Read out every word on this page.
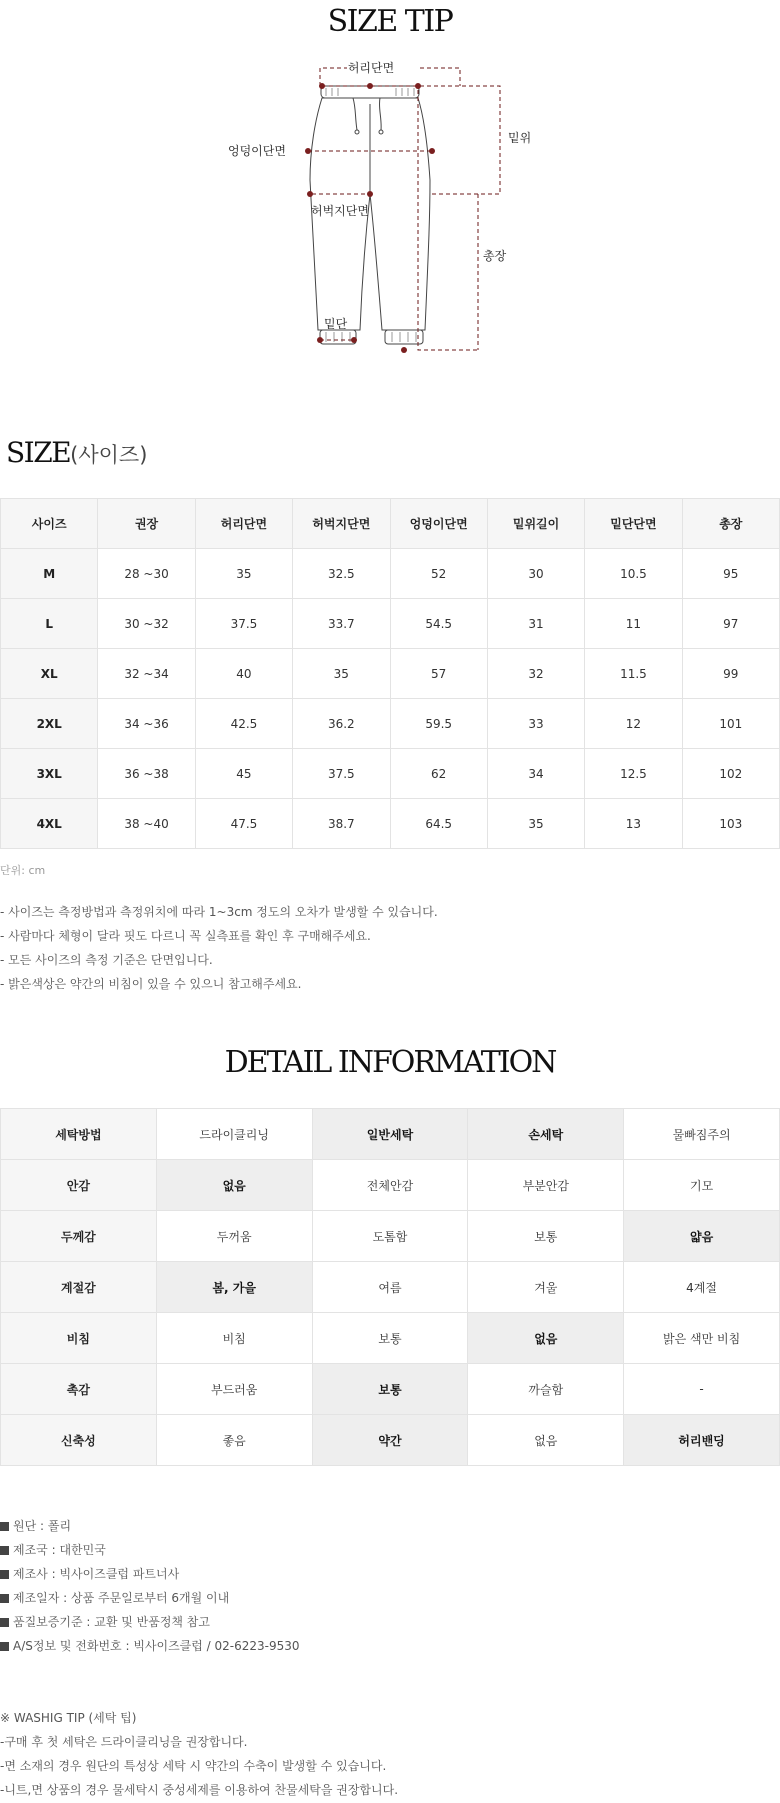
SIZE TIP
허리단면
엉덩이단면
밑위
허벅지단면
총장
밑단
SIZE(사이즈)
사이즈	권장	허리단면	허벅지단면	엉덩이단면	밑위길이	밑단단면	총장
M	28 ~30	35	32.5	52	30	10.5	95
L	30 ~32	37.5	33.7	54.5	31	11	97
XL	32 ~34	40	35	57	32	11.5	99
2XL	34 ~36	42.5	36.2	59.5	33	12	101
3XL	36 ~38	45	37.5	62	34	12.5	102
4XL	38 ~40	47.5	38.7	64.5	35	13	103
단위: cm
- 사이즈는 측정방법과 측정위치에 따라 1~3cm 정도의 오차가 발생할 수 있습니다.
- 사람마다 체형이 달라 핏도 다르니 꼭 실측표를 확인 후 구매해주세요.
- 모든 사이즈의 측정 기준은 단면입니다.
- 밝은색상은 약간의 비침이 있을 수 있으니 참고해주세요.
DETAIL INFORMATION
세탁방법	드라이클리닝	일반세탁	손세탁	물빠짐주의
안감	없음	전체안감	부분안감	기모
두께감	두꺼움	도톰함	보통	얇음
계절감	봄, 가을	여름	겨울	4계절
비침	비침	보통	없음	밝은 색만 비침
촉감	부드러움	보통	까슬함	-
신축성	좋음	약간	없음	허리밴딩
원단 : 폴리
제조국 : 대한민국
제조사 : 빅사이즈클럽 파트너사
제조일자 : 상품 주문일로부터 6개월 이내
품질보증기준 : 교환 및 반품정책 참고
A/S정보 및 전화번호 : 빅사이즈클럽 / 02-6223-9530
※ WASHIG TIP (세탁 팁)
-구매 후 첫 세탁은 드라이클리닝을 권장합니다.
-면 소재의 경우 원단의 특성상 세탁 시 약간의 수축이 발생할 수 있습니다.
-니트,면 상품의 경우 물세탁시 중성세제를 이용하여 찬물세탁을 권장합니다.
